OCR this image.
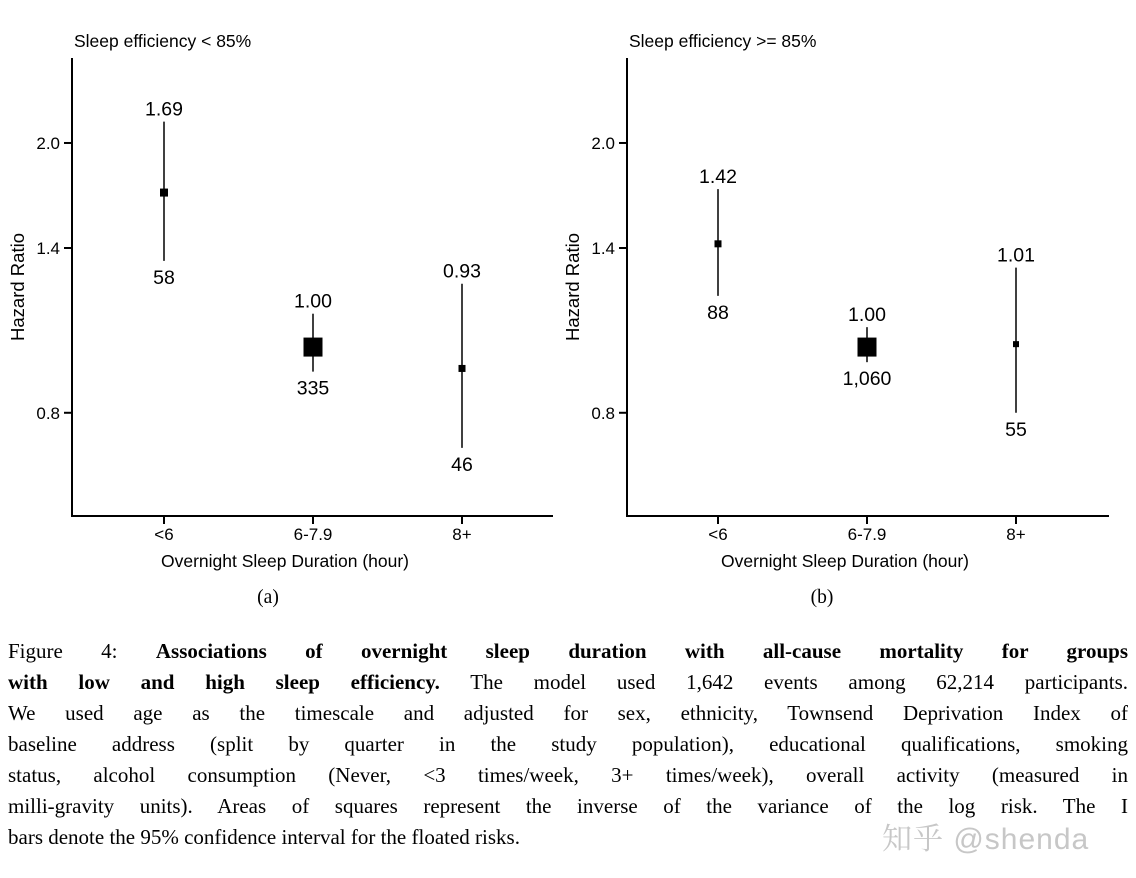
Sleep efficiency < 85%
Hazard Ratio
2.0
1.4
0.8
<6	6-7.9	8+
Overnight Sleep Duration (hour)
1.69
58
1.00
335
0.93
46
(a)
Sleep efficiency >= 85%
Hazard Ratio
2.0
1.4
0.8
<6	6-7.9	8+
Overnight Sleep Duration (hour)
1.42
88	1.00
1,060
1.01
55
(b)
Figure 4: Associations of overnight sleep duration with all-cause mortality for groups
with low and high sleep efficiency. The model used 1,642 events among 62,214 participants.
We used age as the timescale and adjusted for sex, ethnicity, Townsend Deprivation Index of
baseline address (split by quarter in the study population), educational qualifications, smoking
status, alcohol consumption (Never, <3 times/week, 3+ times/week), overall activity (measured in
milli-gravity units). Areas of squares represent the inverse of the variance of the log risk. The I
bars denote the 95% confidence interval for the floated risks.	知乎 @shenda
